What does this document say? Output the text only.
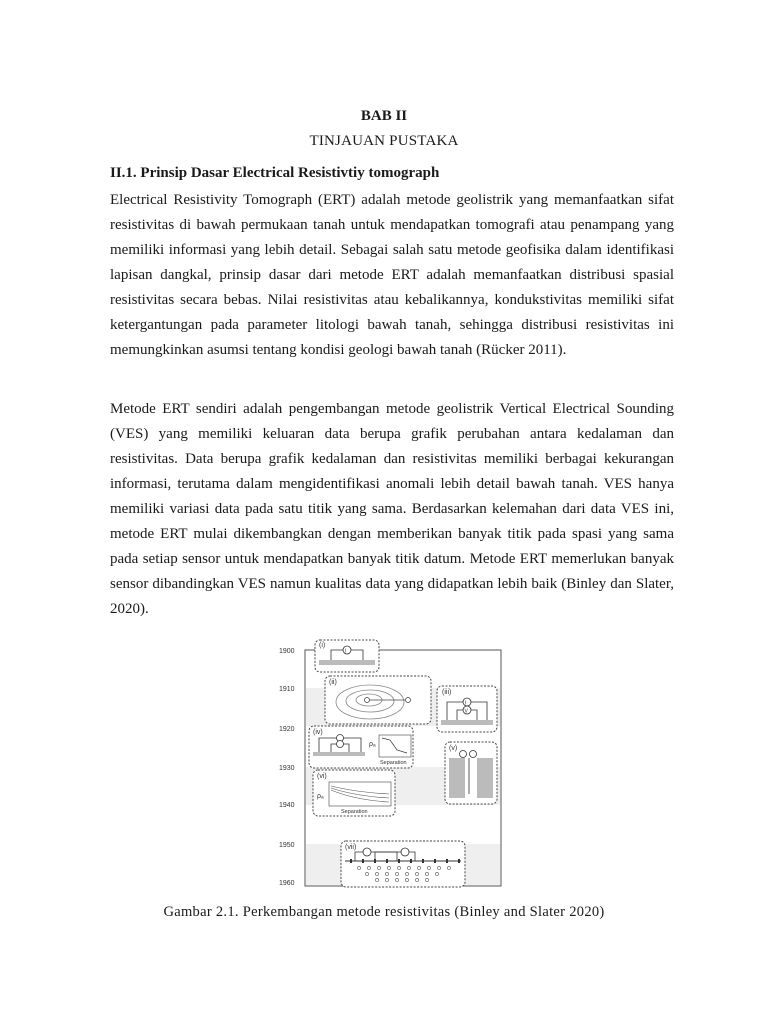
BAB II
TINJAUAN PUSTAKA
II.1. Prinsip Dasar Electrical Resistivtiy tomograph

Electrical Resistivity Tomograph (ERT) adalah metode geolistrik yang memanfaatkan sifat resistivitas di bawah permukaan tanah untuk mendapatkan tomografi atau penampang yang memiliki informasi yang lebih detail. Sebagai salah satu metode geofisika dalam identifikasi lapisan dangkal, prinsip dasar dari metode ERT adalah memanfaatkan distribusi spasial resistivitas secara bebas. Nilai resistivitas atau kebalikannya, kondukstivitas memiliki sifat ketergantungan pada parameter litologi bawah tanah, sehingga distribusi resistivitas ini memungkinkan asumsi tentang kondisi geologi bawah tanah (Rücker 2011).

Metode ERT sendiri adalah pengembangan metode geolistrik Vertical Electrical Sounding (VES) yang memiliki keluaran data berupa grafik perubahan antara kedalaman dan resistivitas. Data berupa grafik kedalaman dan resistivitas memiliki berbagai kekurangan informasi, terutama dalam mengidentifikasi anomali lebih detail bawah tanah. VES hanya memiliki variasi data pada satu titik yang sama. Berdasarkan kelemahan dari data VES ini, metode ERT mulai dikembangkan dengan memberikan banyak titik pada spasi yang sama pada setiap sensor untuk mendapatkan banyak titik datum. Metode ERT memerlukan banyak sensor dibandingkan VES namun kualitas data yang didapatkan lebih baik (Binley dan Slater, 2020).

1900
1910
1920
1930
1940
1950
1960
(i)
I
(ii)
(iii)
I
V
(iv)
ρₐ
Separation
(v)
(vi)
ρₐ
Separation
(vii)
Gambar 2.1. Perkembangan metode resistivitas (Binley and Slater 2020)
